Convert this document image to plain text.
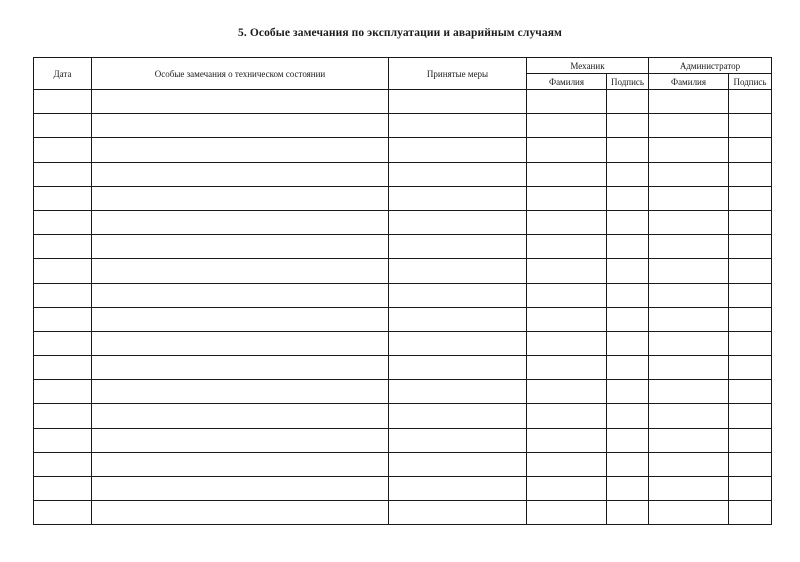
5. Особые замечания по эксплуатации и аварийным случаям
Дата	Особые замечания о техническом состоянии	Принятые меры	Механик		Администратор	
			Фамилия	Подпись	Фамилия	Подпись
